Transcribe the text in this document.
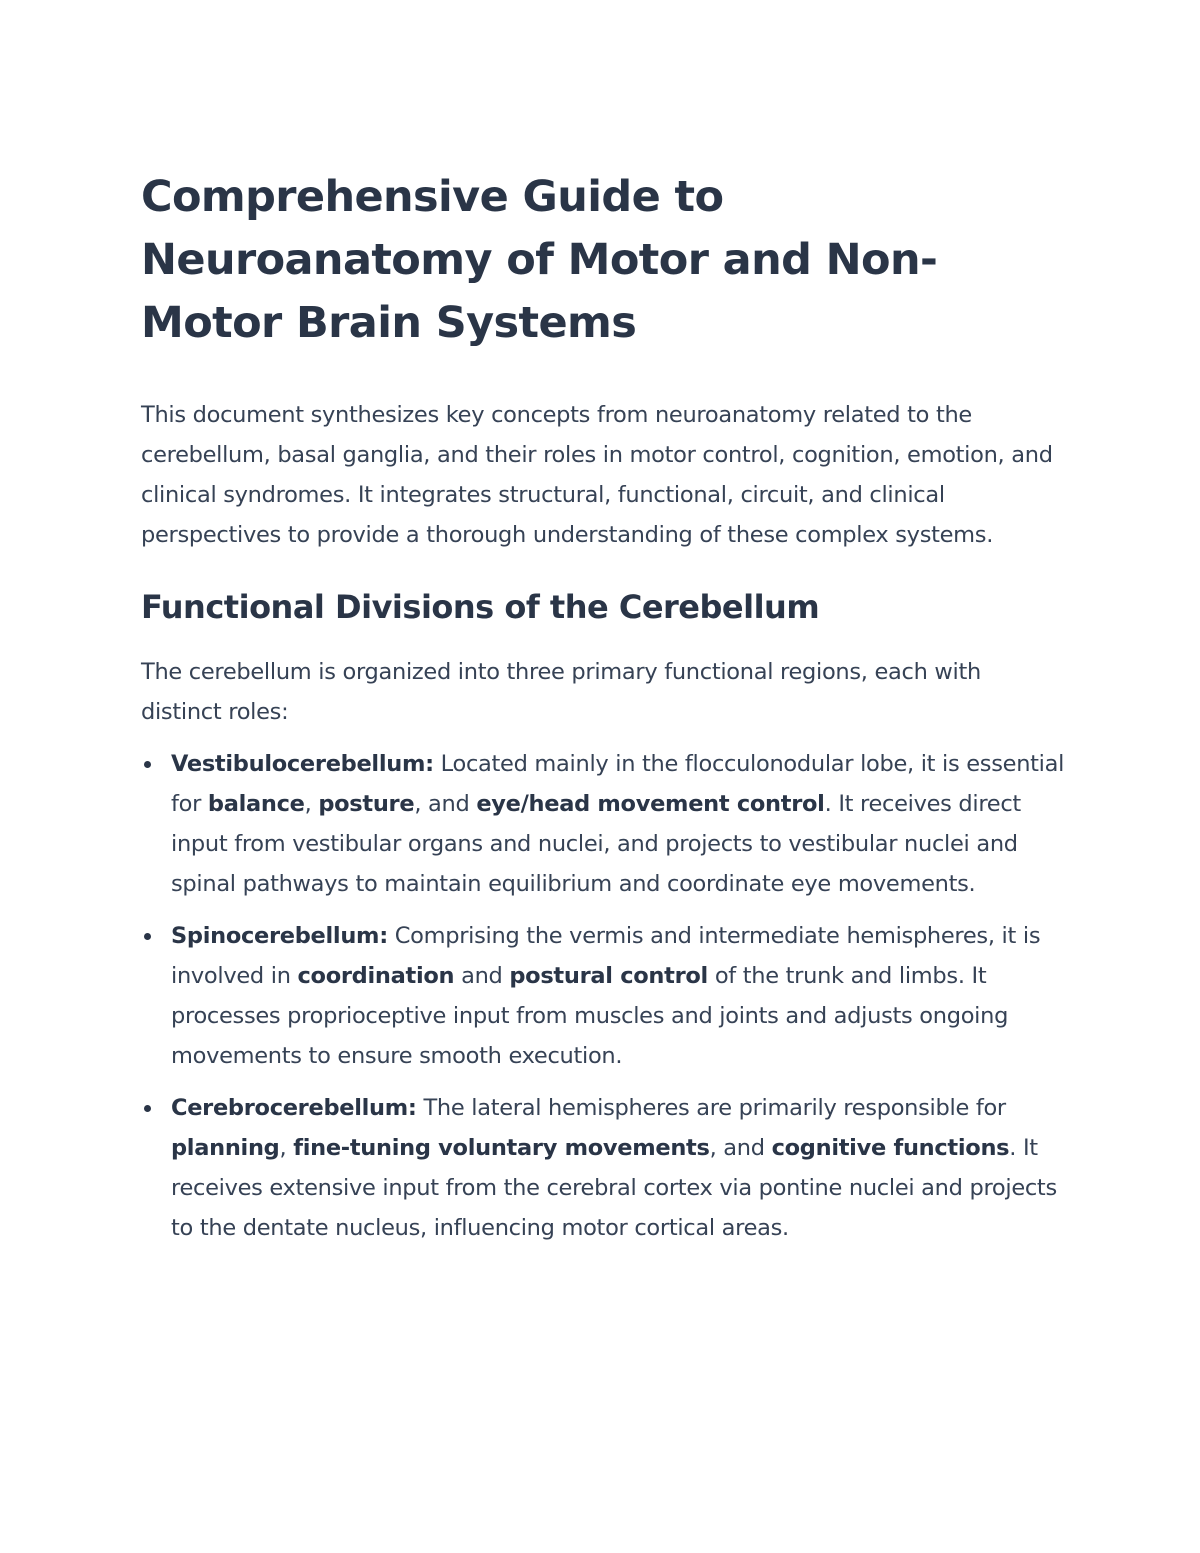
Comprehensive Guide to Neuroanatomy of Motor and Non-Motor Brain Systems

This document synthesizes key concepts from neuroanatomy related to the cerebellum, basal ganglia, and their roles in motor control, cognition, emotion, and clinical syndromes. It integrates structural, functional, circuit, and clinical perspectives to provide a thorough understanding of these complex systems.

Functional Divisions of the Cerebellum

The cerebellum is organized into three primary functional regions, each with distinct roles:

Vestibulocerebellum: Located mainly in the flocculonodular lobe, it is essential for balance, posture, and eye/head movement control. It receives direct input from vestibular organs and nuclei, and projects to vestibular nuclei and spinal pathways to maintain equilibrium and coordinate eye movements.
Spinocerebellum: Comprising the vermis and intermediate hemispheres, it is involved in coordination and postural control of the trunk and limbs. It processes proprioceptive input from muscles and joints and adjusts ongoing movements to ensure smooth execution.
Cerebrocerebellum: The lateral hemispheres are primarily responsible for planning, fine-tuning voluntary movements, and cognitive functions. It receives extensive input from the cerebral cortex via pontine nuclei and projects to the dentate nucleus, influencing motor cortical areas.
